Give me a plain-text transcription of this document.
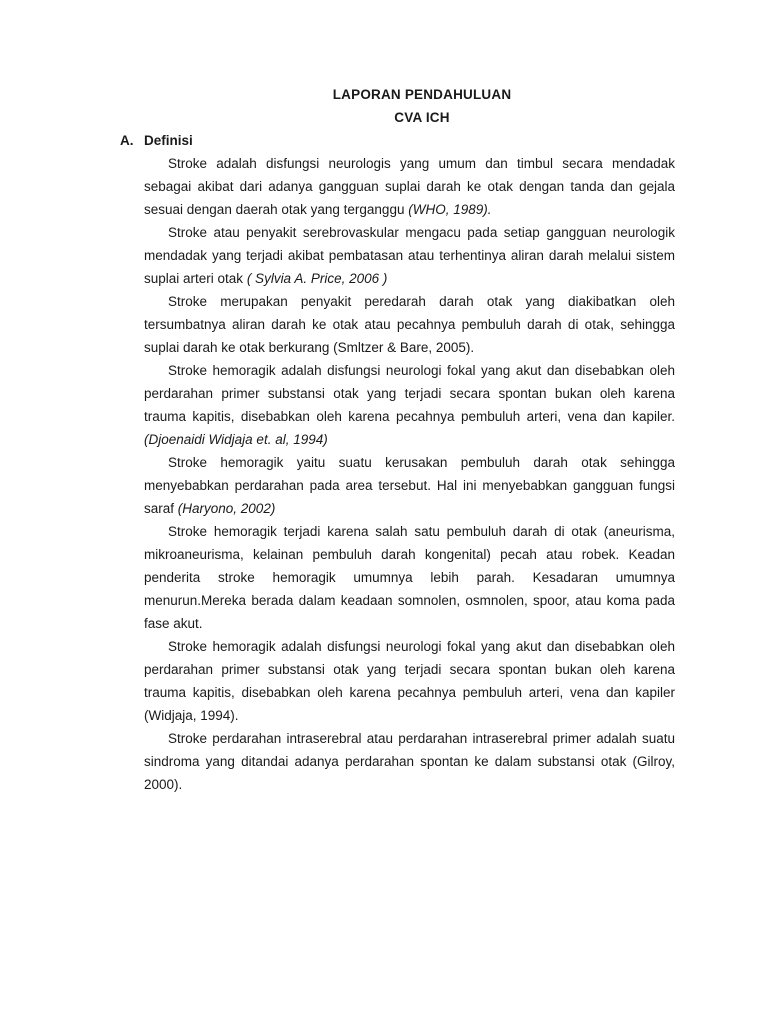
LAPORAN PENDAHULUAN
CVA ICH
A. Definisi

Stroke adalah disfungsi neurologis yang umum dan timbul secara mendadak sebagai akibat dari adanya gangguan suplai darah ke otak dengan tanda dan gejala sesuai dengan daerah otak yang terganggu (WHO, 1989).

Stroke atau penyakit serebrovaskular mengacu pada setiap gangguan neurologik mendadak yang terjadi akibat pembatasan atau terhentinya aliran darah melalui sistem suplai arteri otak ( Sylvia A. Price, 2006 )

Stroke merupakan penyakit peredarah darah otak yang diakibatkan oleh tersumbatnya aliran darah ke otak atau pecahnya pembuluh darah di otak, sehingga suplai darah ke otak berkurang (Smltzer & Bare, 2005).

Stroke hemoragik adalah disfungsi neurologi fokal yang akut dan disebabkan oleh perdarahan primer substansi otak yang terjadi secara spontan bukan oleh karena trauma kapitis, disebabkan oleh karena pecahnya pembuluh arteri, vena dan kapiler. (Djoenaidi Widjaja et. al, 1994)

Stroke hemoragik yaitu suatu kerusakan pembuluh darah otak sehingga menyebabkan perdarahan pada area tersebut. Hal ini menyebabkan gangguan fungsi saraf (Haryono, 2002)

Stroke hemoragik terjadi karena salah satu pembuluh darah di otak (aneurisma, mikroaneurisma, kelainan pembuluh darah kongenital) pecah atau robek. Keadan penderita stroke hemoragik umumnya lebih parah. Kesadaran umumnya menurun.Mereka berada dalam keadaan somnolen, osmnolen, spoor, atau koma pada fase akut.

Stroke hemoragik adalah disfungsi neurologi fokal yang akut dan disebabkan oleh perdarahan primer substansi otak yang terjadi secara spontan bukan oleh karena trauma kapitis, disebabkan oleh karena pecahnya pembuluh arteri, vena dan kapiler (Widjaja, 1994).

Stroke perdarahan intraserebral atau perdarahan intraserebral primer adalah suatu sindroma yang ditandai adanya perdarahan spontan ke dalam substansi otak (Gilroy, 2000).
